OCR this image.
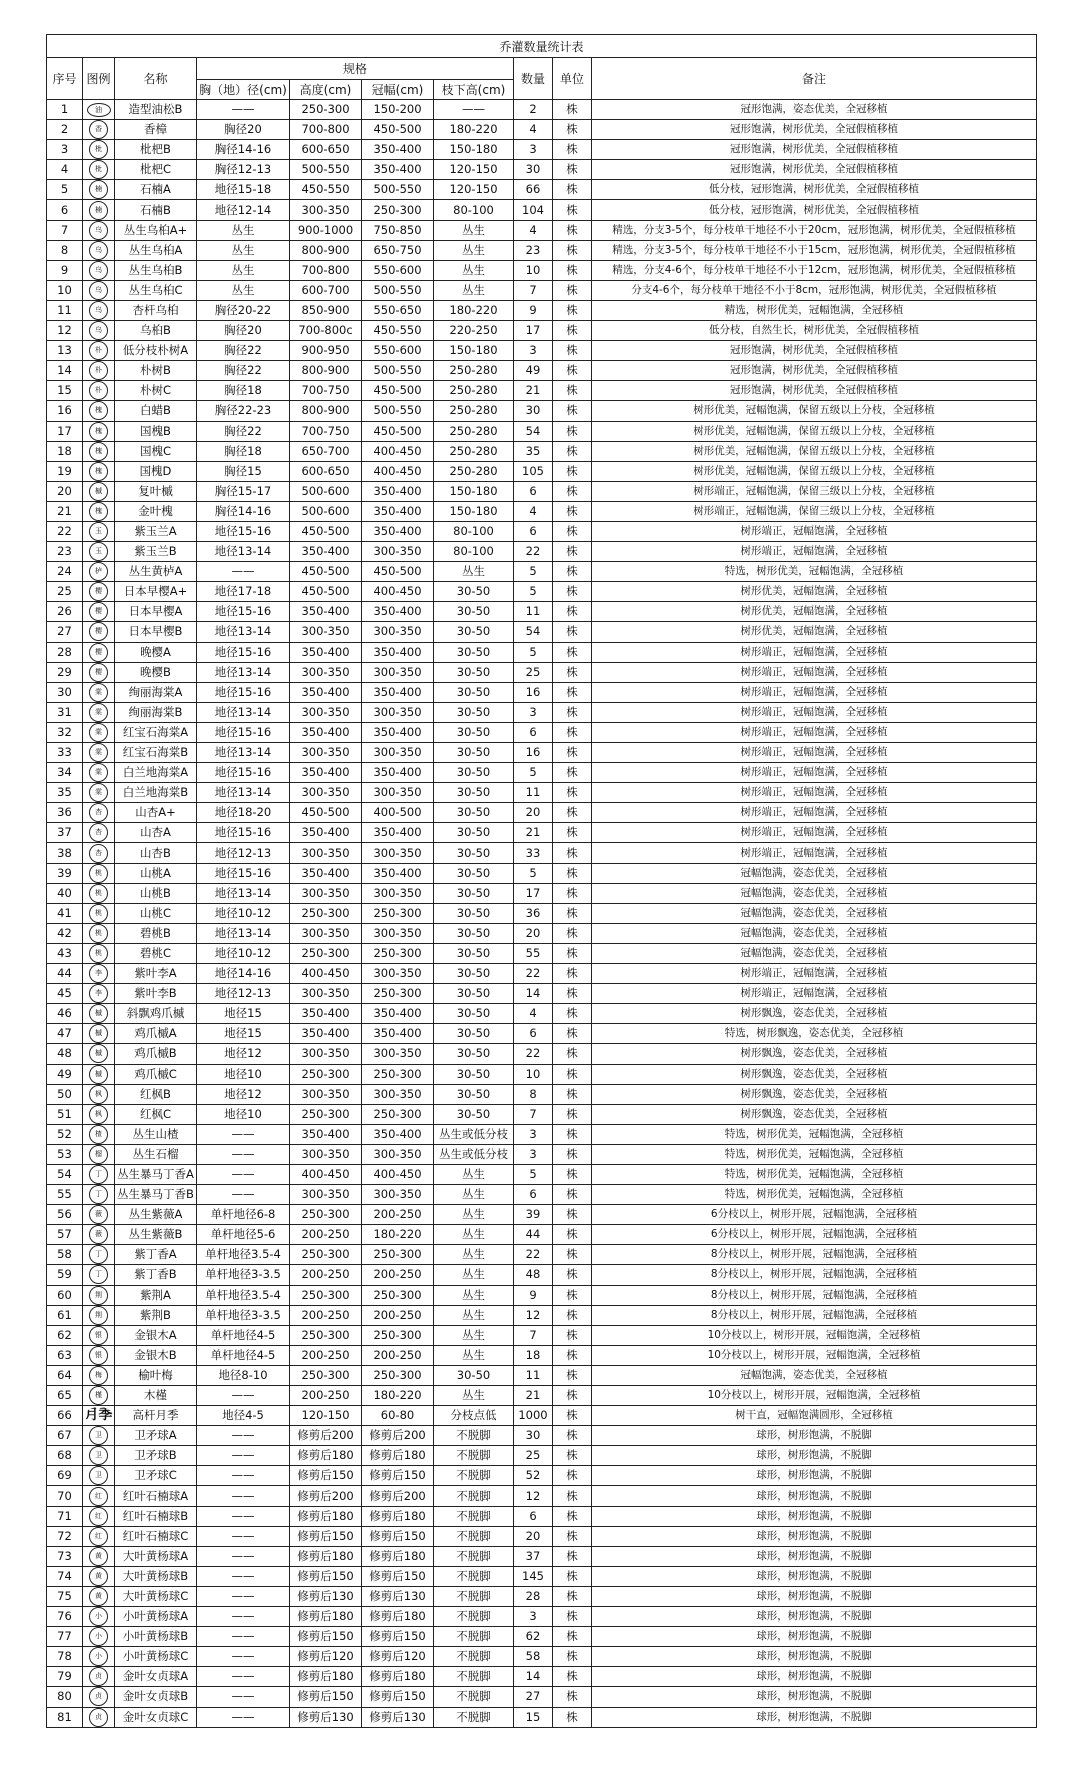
乔灌数量统计表									
序号	图例	名称	规格				数量	单位	备注
			胸（地）径(cm)	高度(cm)	冠幅(cm)	枝下高(cm)			
1	油	造型油松B	——	250-300	150-200	——	2	株	冠形饱满，姿态优美，全冠移植
2	香	香樟	胸径20	700-800	450-500	180-220	4	株	冠形饱满，树形优美，全冠假植移植
3	枇	枇杷B	胸径14-16	600-650	350-400	150-180	3	株	冠形饱满，树形优美，全冠假植移植
4	枇	枇杷C	胸径12-13	500-550	350-400	120-150	30	株	冠形饱满，树形优美，全冠假植移植
5	楠	石楠A	地径15-18	450-550	500-550	120-150	66	株	低分枝，冠形饱满，树形优美，全冠假植移植
6	楠	石楠B	地径12-14	300-350	250-300	80-100	104	株	低分枝，冠形饱满，树形优美，全冠假植移植
7	乌	丛生乌桕A+	丛生	900-1000	750-850	丛生	4	株	精选，分支3-5个，每分枝单干地径不小于20cm，冠形饱满，树形优美，全冠假植移植
8	乌	丛生乌桕A	丛生	800-900	650-750	丛生	23	株	精选，分支3-5个，每分枝单干地径不小于15cm，冠形饱满，树形优美，全冠假植移植
9	乌	丛生乌桕B	丛生	700-800	550-600	丛生	10	株	精选，分支4-6个，每分枝单干地径不小于12cm，冠形饱满，树形优美，全冠假植移植
10	乌	丛生乌桕C	丛生	600-700	500-550	丛生	7	株	分支4-6个，每分枝单干地径不小于8cm，冠形饱满，树形优美，全冠假植移植
11	乌	杏杆乌桕	胸径20-22	850-900	550-650	180-220	9	株	精选，树形优美，冠幅饱满，全冠移植
12	乌	乌桕B	胸径20	700-800c	450-550	220-250	17	株	低分枝，自然生长，树形优美，全冠假植移植
13	朴	低分枝朴树A	胸径22	900-950	550-600	150-180	3	株	冠形饱满，树形优美，全冠假植移植
14	朴	朴树B	胸径22	800-900	500-550	250-280	49	株	冠形饱满，树形优美，全冠假植移植
15	朴	朴树C	胸径18	700-750	450-500	250-280	21	株	冠形饱满，树形优美，全冠假植移植
16	槐	白蜡B	胸径22-23	800-900	500-550	250-280	30	株	树形优美，冠幅饱满，保留五级以上分枝，全冠移植
17	槐	国槐B	胸径22	700-750	450-500	250-280	54	株	树形优美，冠幅饱满，保留五级以上分枝，全冠移植
18	槐	国槐C	胸径18	650-700	400-450	250-280	35	株	树形优美，冠幅饱满，保留五级以上分枝，全冠移植
19	槐	国槐D	胸径15	600-650	400-450	250-280	105	株	树形优美，冠幅饱满，保留五级以上分枝，全冠移植
20	槭	复叶槭	胸径15-17	500-600	350-400	150-180	6	株	树形端正，冠幅饱满，保留三级以上分枝，全冠移植
21	槐	金叶槐	胸径14-16	500-600	350-400	150-180	4	株	树形端正，冠幅饱满，保留三级以上分枝，全冠移植
22	玉	紫玉兰A	地径15-16	450-500	350-400	80-100	6	株	树形端正，冠幅饱满，全冠移植
23	玉	紫玉兰B	地径13-14	350-400	300-350	80-100	22	株	树形端正，冠幅饱满，全冠移植
24	栌	丛生黄栌A	——	450-500	450-500	丛生	5	株	特选，树形优美，冠幅饱满，全冠移植
25	樱	日本早樱A+	地径17-18	450-500	400-450	30-50	5	株	树形优美，冠幅饱满，全冠移植
26	樱	日本早樱A	地径15-16	350-400	350-400	30-50	11	株	树形优美，冠幅饱满，全冠移植
27	樱	日本早樱B	地径13-14	300-350	300-350	30-50	54	株	树形优美，冠幅饱满，全冠移植
28	樱	晚樱A	地径15-16	350-400	350-400	30-50	5	株	树形端正，冠幅饱满，全冠移植
29	樱	晚樱B	地径13-14	300-350	300-350	30-50	25	株	树形端正，冠幅饱满，全冠移植
30	棠	绚丽海棠A	地径15-16	350-400	350-400	30-50	16	株	树形端正，冠幅饱满，全冠移植
31	棠	绚丽海棠B	地径13-14	300-350	300-350	30-50	3	株	树形端正，冠幅饱满，全冠移植
32	棠	红宝石海棠A	地径15-16	350-400	350-400	30-50	6	株	树形端正，冠幅饱满，全冠移植
33	棠	红宝石海棠B	地径13-14	300-350	300-350	30-50	16	株	树形端正，冠幅饱满，全冠移植
34	棠	白兰地海棠A	地径15-16	350-400	350-400	30-50	5	株	树形端正，冠幅饱满，全冠移植
35	棠	白兰地海棠B	地径13-14	300-350	300-350	30-50	11	株	树形端正，冠幅饱满，全冠移植
36	杏	山杏A+	地径18-20	450-500	400-500	30-50	20	株	树形端正，冠幅饱满，全冠移植
37	杏	山杏A	地径15-16	350-400	350-400	30-50	21	株	树形端正，冠幅饱满，全冠移植
38	杏	山杏B	地径12-13	300-350	300-350	30-50	33	株	树形端正，冠幅饱满，全冠移植
39	桃	山桃A	地径15-16	350-400	350-400	30-50	5	株	冠幅饱满，姿态优美，全冠移植
40	桃	山桃B	地径13-14	300-350	300-350	30-50	17	株	冠幅饱满，姿态优美，全冠移植
41	桃	山桃C	地径10-12	250-300	250-300	30-50	36	株	冠幅饱满，姿态优美，全冠移植
42	桃	碧桃B	地径13-14	300-350	300-350	30-50	20	株	冠幅饱满，姿态优美，全冠移植
43	桃	碧桃C	地径10-12	250-300	250-300	30-50	55	株	冠幅饱满，姿态优美，全冠移植
44	李	紫叶李A	地径14-16	400-450	300-350	30-50	22	株	树形端正，冠幅饱满，全冠移植
45	李	紫叶李B	地径12-13	300-350	250-300	30-50	14	株	树形端正，冠幅饱满，全冠移植
46	槭	斜飘鸡爪槭	地径15	350-400	350-400	30-50	4	株	树形飘逸，姿态优美，全冠移植
47	槭	鸡爪槭A	地径15	350-400	350-400	30-50	6	株	特选，树形飘逸，姿态优美，全冠移植
48	槭	鸡爪槭B	地径12	300-350	300-350	30-50	22	株	树形飘逸，姿态优美，全冠移植
49	槭	鸡爪槭C	地径10	250-300	250-300	30-50	10	株	树形飘逸，姿态优美，全冠移植
50	枫	红枫B	地径12	300-350	300-350	30-50	8	株	树形飘逸，姿态优美，全冠移植
51	枫	红枫C	地径10	250-300	250-300	30-50	7	株	树形飘逸，姿态优美，全冠移植
52	楂	丛生山楂	——	350-400	350-400	丛生或低分枝	3	株	特选，树形优美，冠幅饱满，全冠移植
53	榴	丛生石榴	——	300-350	300-350	丛生或低分枝	3	株	特选，树形优美，冠幅饱满，全冠移植
54	丁	丛生暴马丁香A	——	400-450	400-450	丛生	5	株	特选，树形优美，冠幅饱满，全冠移植
55	丁	丛生暴马丁香B	——	300-350	300-350	丛生	6	株	特选，树形优美，冠幅饱满，全冠移植
56	薇	丛生紫薇A	单杆地径6-8	250-300	200-250	丛生	39	株	6分枝以上，树形开展，冠幅饱满，全冠移植
57	薇	丛生紫薇B	单杆地径5-6	200-250	180-220	丛生	44	株	6分枝以上，树形开展，冠幅饱满，全冠移植
58	丁	紫丁香A	单杆地径3.5-4	250-300	250-300	丛生	22	株	8分枝以上，树形开展，冠幅饱满，全冠移植
59	丁	紫丁香B	单杆地径3-3.5	200-250	200-250	丛生	48	株	8分枝以上，树形开展，冠幅饱满，全冠移植
60	荆	紫荆A	单杆地径3.5-4	250-300	250-300	丛生	9	株	8分枝以上，树形开展，冠幅饱满，全冠移植
61	荆	紫荆B	单杆地径3-3.5	200-250	200-250	丛生	12	株	8分枝以上，树形开展，冠幅饱满，全冠移植
62	银	金银木A	单杆地径4-5	250-300	250-300	丛生	7	株	10分枝以上，树形开展，冠幅饱满，全冠移植
63	银	金银木B	单杆地径4-5	200-250	200-250	丛生	18	株	10分枝以上，树形开展，冠幅饱满，全冠移植
64	梅	榆叶梅	地径8-10	250-300	250-300	30-50	11	株	冠幅饱满，姿态优美，全冠移植
65	槿	木槿	——	200-250	180-220	丛生	21	株	10分枝以上，树形开展，冠幅饱满，全冠移植
66	月季	高杆月季	地径4-5	120-150	60-80	分枝点低	1000	株	树干直，冠幅饱满圆形，全冠移植
67	卫	卫矛球A	——	修剪后200	修剪后200	不脱脚	30	株	球形，树形饱满，不脱脚
68	卫	卫矛球B	——	修剪后180	修剪后180	不脱脚	25	株	球形，树形饱满，不脱脚
69	卫	卫矛球C	——	修剪后150	修剪后150	不脱脚	52	株	球形，树形饱满，不脱脚
70	红	红叶石楠球A	——	修剪后200	修剪后200	不脱脚	12	株	球形，树形饱满，不脱脚
71	红	红叶石楠球B	——	修剪后180	修剪后180	不脱脚	6	株	球形，树形饱满，不脱脚
72	红	红叶石楠球C	——	修剪后150	修剪后150	不脱脚	20	株	球形，树形饱满，不脱脚
73	黄	大叶黄杨球A	——	修剪后180	修剪后180	不脱脚	37	株	球形，树形饱满，不脱脚
74	黄	大叶黄杨球B	——	修剪后150	修剪后150	不脱脚	145	株	球形，树形饱满，不脱脚
75	黄	大叶黄杨球C	——	修剪后130	修剪后130	不脱脚	28	株	球形，树形饱满，不脱脚
76	小	小叶黄杨球A	——	修剪后180	修剪后180	不脱脚	3	株	球形，树形饱满，不脱脚
77	小	小叶黄杨球B	——	修剪后150	修剪后150	不脱脚	62	株	球形，树形饱满，不脱脚
78	小	小叶黄杨球C	——	修剪后120	修剪后120	不脱脚	58	株	球形，树形饱满，不脱脚
79	贞	金叶女贞球A	——	修剪后180	修剪后180	不脱脚	14	株	球形，树形饱满，不脱脚
80	贞	金叶女贞球B	——	修剪后150	修剪后150	不脱脚	27	株	球形，树形饱满，不脱脚
81	贞	金叶女贞球C	——	修剪后130	修剪后130	不脱脚	15	株	球形，树形饱满，不脱脚
